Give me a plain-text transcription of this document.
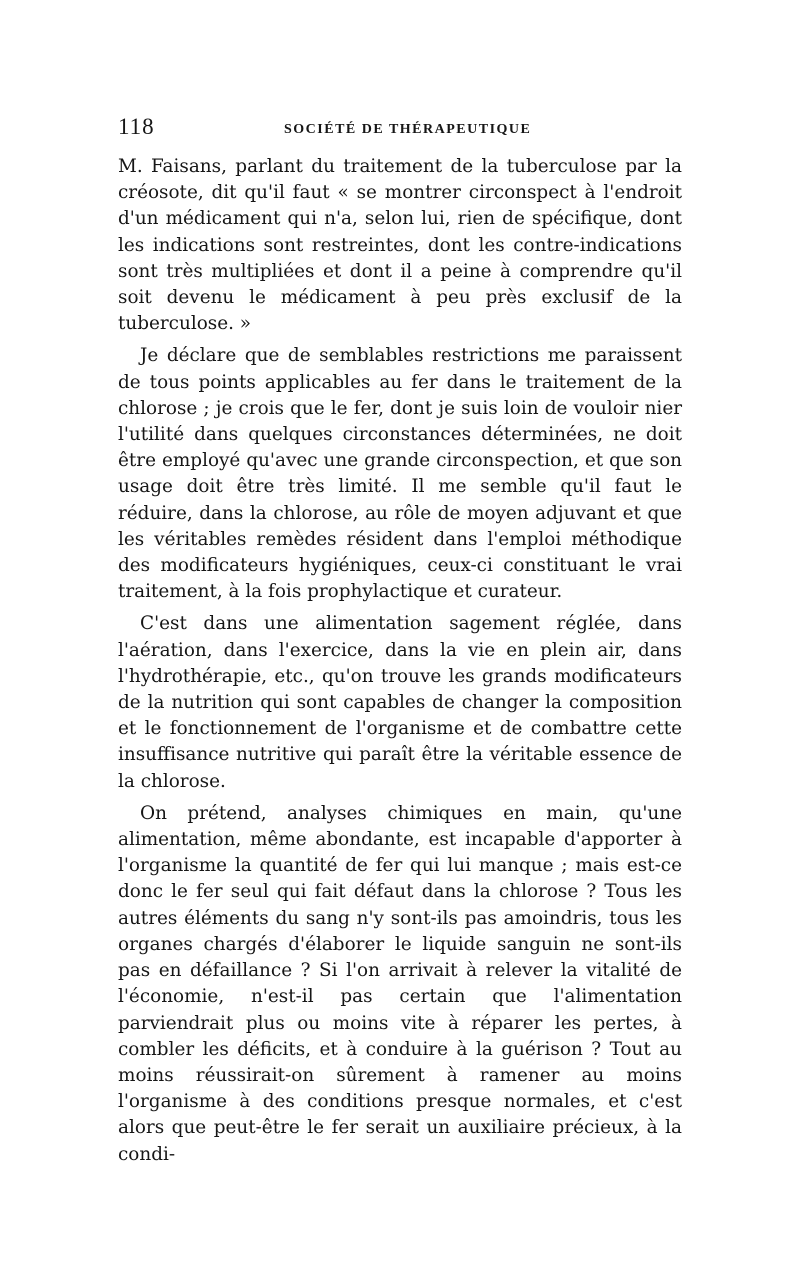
118	SOCIÉTÉ DE THÉRAPEUTIQUE

M. Faisans, parlant du traitement de la tuberculose par la créosote, dit qu'il faut « se montrer circonspect à l'endroit d'un médicament qui n'a, selon lui, rien de spécifique, dont les indications sont restreintes, dont les contre-indications sont très multipliées et dont il a peine à comprendre qu'il soit devenu le médicament à peu près exclusif de la tuberculose. »

Je déclare que de semblables restrictions me paraissent de tous points applicables au fer dans le traitement de la chlorose ; je crois que le fer, dont je suis loin de vouloir nier l'utilité dans quelques circonstances déterminées, ne doit être employé qu'avec une grande circonspection, et que son usage doit être très limité. Il me semble qu'il faut le réduire, dans la chlorose, au rôle de moyen adjuvant et que les véritables remèdes résident dans l'emploi méthodique des modificateurs hygiéniques, ceux-ci constituant le vrai traitement, à la fois prophylactique et curateur.

C'est dans une alimentation sagement réglée, dans l'aération, dans l'exercice, dans la vie en plein air, dans l'hydrothérapie, etc., qu'on trouve les grands modificateurs de la nutrition qui sont capables de changer la composition et le fonctionnement de l'organisme et de combattre cette insuffisance nutritive qui paraît être la véritable essence de la chlorose.

On prétend, analyses chimiques en main, qu'une alimentation, même abondante, est incapable d'apporter à l'organisme la quantité de fer qui lui manque ; mais est-ce donc le fer seul qui fait défaut dans la chlorose ? Tous les autres éléments du sang n'y sont-ils pas amoindris, tous les organes chargés d'élaborer le liquide sanguin ne sont-ils pas en défaillance ? Si l'on arrivait à relever la vitalité de l'économie, n'est-il pas certain que l'alimentation parviendrait plus ou moins vite à réparer les pertes, à combler les déficits, et à conduire à la guérison ? Tout au moins réussirait-on sûrement à ramener au moins l'organisme à des conditions presque normales, et c'est alors que peut-être le fer serait un auxiliaire précieux, à la condi-
